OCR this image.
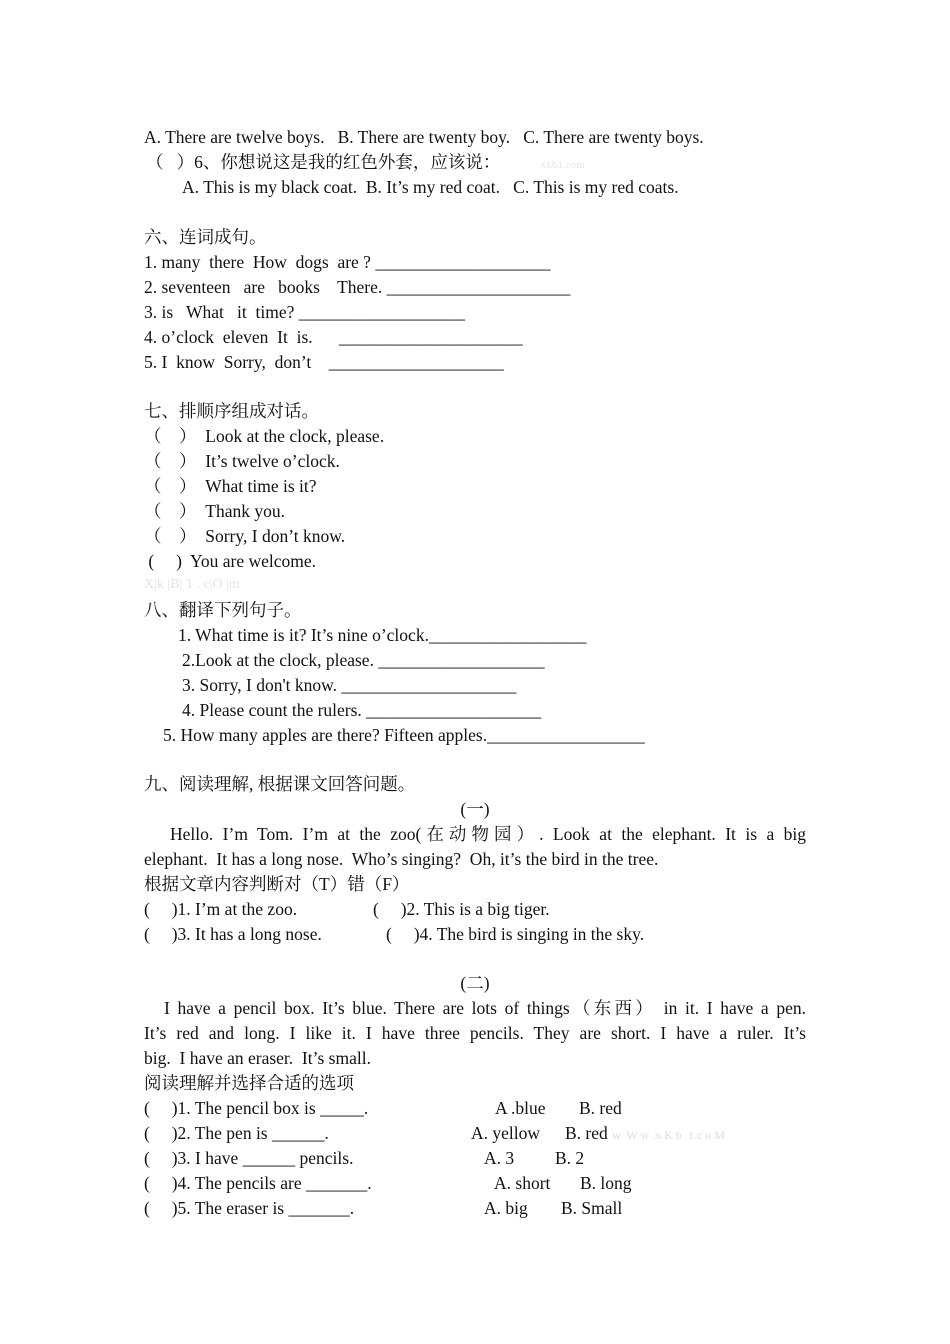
A. There are twelve boys.   B. There are twenty boy.   C. There are twenty boys.
（   ）6、你想说这是我的红色外套，应该说：	xkb1.com
A. This is my black coat.  B. It’s my red coat.   C. This is my red coats.
六、连词成句。
1. many  there  How  dogs  are ? ____________________
2. seventeen   are   books    There. _____________________
3. is   What   it  time? ___________________
4. o’clock  eleven  It  is.      _____________________
5. I  know  Sorry,  don’t    ____________________
七、排顺序组成对话。
（    ）  Look at the clock, please.
（    ）  It’s twelve o’clock.
（    ）  What time is it?
（    ）  Thank you.
（    ）  Sorry, I don’t know.
(     )  You are welcome.
X|k |B| 1 . c|O |m
八、翻译下列句子。
1. What time is it? It’s nine o’clock.__________________
2.Look at the clock, please. ___________________
3. Sorry, I don't know. ____________________
4. Please count the rulers. ____________________
5. How many apples are there? Fifteen apples.__________________
九、阅读理解, 根据课文回答问题。
(一)
Hello. I’m Tom. I’m at the zoo(在动物园）. Look at the elephant. It is a big
elephant.  It has a long nose.  Who’s singing?  Oh, it’s the bird in the tree.
根据文章内容判断对（T）错（F）
(     )1. I’m at the zoo.	(     )2. This is a big tiger.
(     )3. It has a long nose.	(     )4. The bird is singing in the sky.
(二)
I have a pencil box. It’s blue. There are lots of things（东西） in it. I have a pen.
It’s red and long. I like it. I have three pencils. They are short. I have a ruler. It’s
big.  I have an eraser.  It’s small.
阅读理解并选择合适的选项
(     )1. The pencil box is _____.	A .blue B. red
(     )2. The pen is ______.	A. yellow B. red w  W w .x K b  1.c o M
(     )3. I have ______ pencils.	A. 3 B. 2
(     )4. The pencils are _______.	A. short B. long
(     )5. The eraser is _______.	A. big B. Small
